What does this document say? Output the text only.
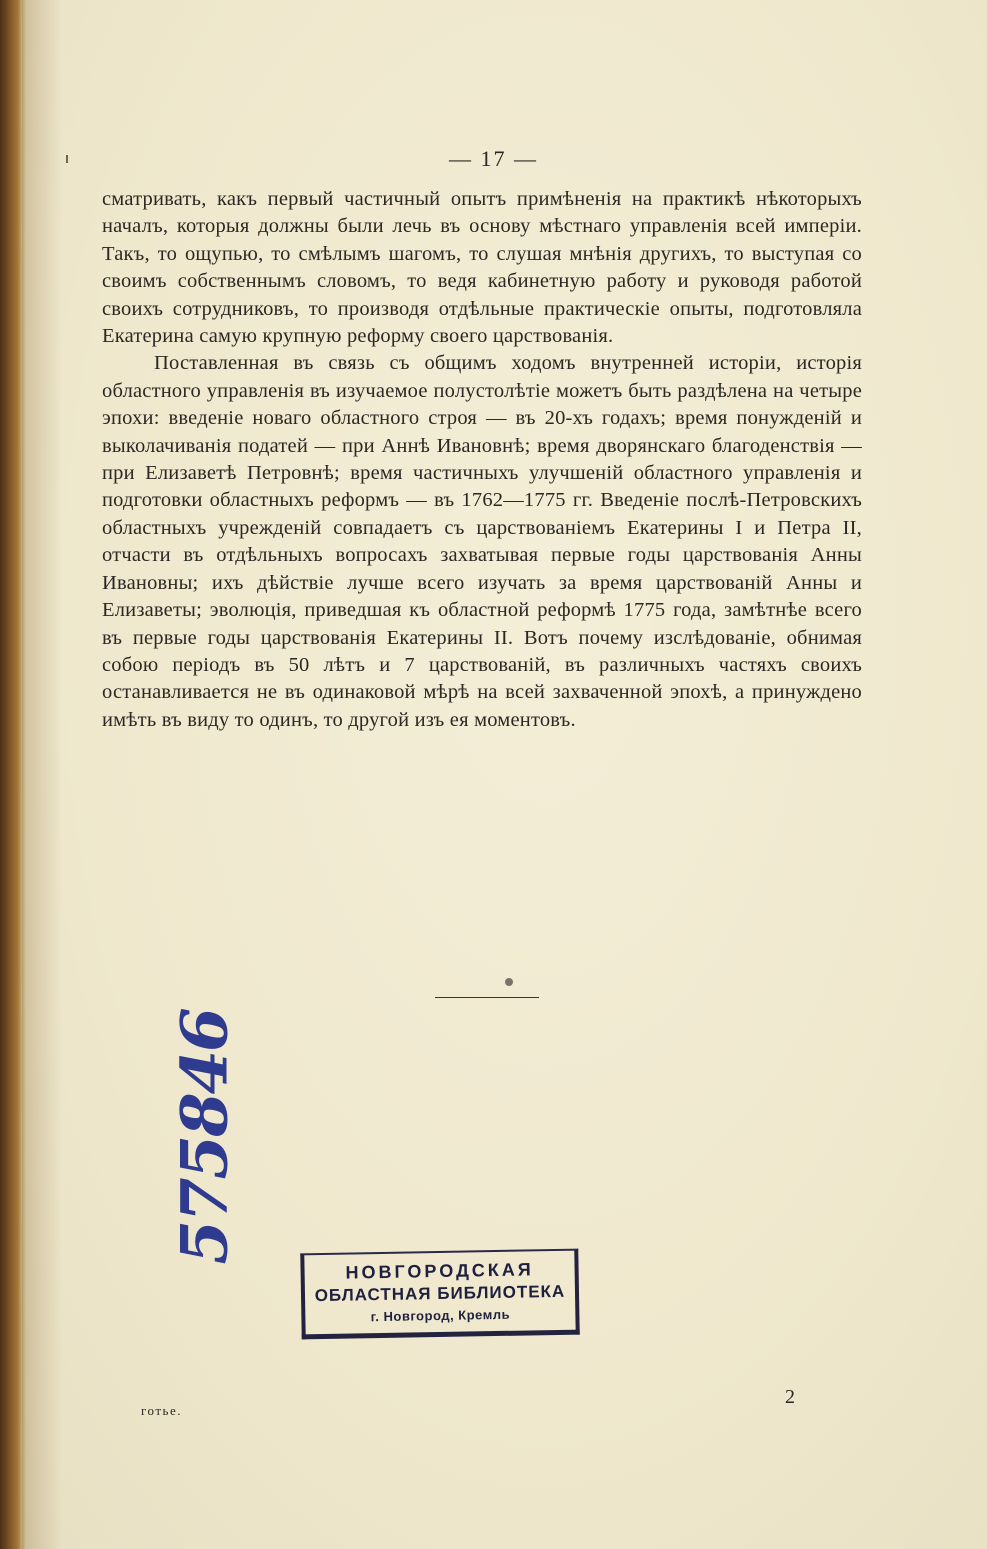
— 17 —

сматривать, какъ первый частичный опытъ примѣненія на практикѣ нѣкоторыхъ началъ, которыя должны были лечь въ основу мѣстнаго управленія всей имперіи. Такъ, то ощупью, то смѣлымъ шагомъ, то слушая мнѣнія другихъ, то выступая со своимъ собственнымъ словомъ, то ведя кабинетную работу и руководя работой своихъ сотрудниковъ, то производя отдѣльные практическіе опыты, подготовляла Екатерина самую крупную реформу своего царствованія.

Поставленная въ связь съ общимъ ходомъ внутренней исторіи, исторія областного управленія въ изучаемое полустолѣтіе можетъ быть раздѣлена на четыре эпохи: введеніе новаго областного строя — въ 20-хъ годахъ; время понужденій и выколачиванія податей — при Аннѣ Ивановнѣ; время дворянскаго благоденствія — при Елизаветѣ Петровнѣ; время частичныхъ улучшеній областного управленія и подготовки областныхъ реформъ — въ 1762—1775 гг. Введеніе послѣ-Петровскихъ областныхъ учрежденій совпадаетъ съ царствованіемъ Екатерины I и Петра II, отчасти въ отдѣльныхъ вопросахъ захватывая первые годы царствованія Анны Ивановны; ихъ дѣйствіе лучше всего изучать за время царствованій Анны и Елизаветы; эволюція, приведшая къ областной реформѣ 1775 года, замѣтнѣе всего въ первые годы царствованія Екатерины II. Вотъ почему изслѣдованіе, обнимая собою періодъ въ 50 лѣтъ и 7 царствованій, въ различныхъ частяхъ своихъ останавливается не въ одинаковой мѣрѣ на всей захваченной эпохѣ, а принуждено имѣть въ виду то одинъ, то другой изъ ея моментовъ.

575846
НОВГОРОДСКАЯ
ОБЛАСТНАЯ БИБЛИОТЕКА
г. Новгород, Кремль
готье.
2
